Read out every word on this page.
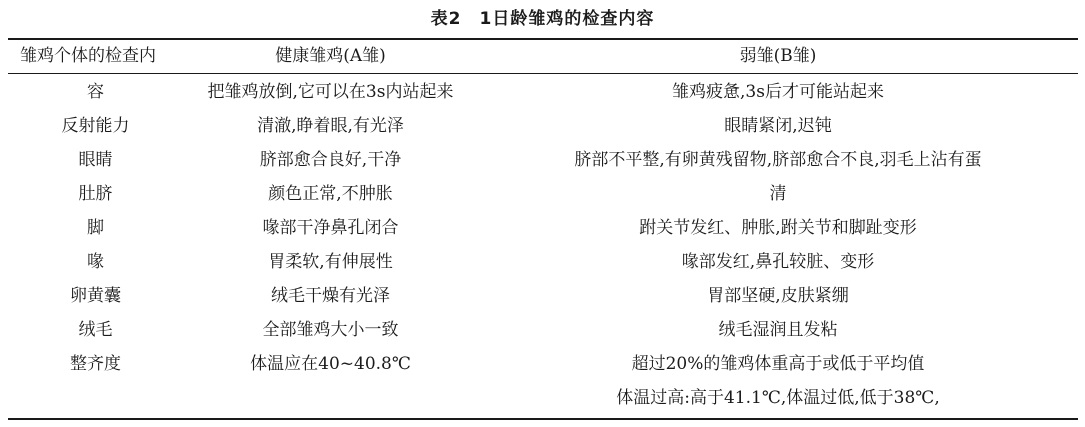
表2　1日龄雏鸡的检查内容
雏鸡个体的检查内	健康雏鸡(A雏)	弱雏(B雏)
容	把雏鸡放倒,它可以在3s内站起来	雏鸡疲惫,3s后才可能站起来
反射能力	清澈,睁着眼,有光泽	眼睛紧闭,迟钝
眼睛	脐部愈合良好,干净	脐部不平整,有卵黄残留物,脐部愈合不良,羽毛上沾有蛋
肚脐	颜色正常,不肿胀	清
脚	喙部干净鼻孔闭合	跗关节发红、肿胀,跗关节和脚趾变形
喙	胃柔软,有伸展性	喙部发红,鼻孔较脏、变形
卵黄囊	绒毛干燥有光泽	胃部坚硬,皮肤紧绷
绒毛	全部雏鸡大小一致	绒毛湿润且发粘
整齐度	体温应在40~40.8℃	超过20%的雏鸡体重高于或低于平均值
		体温过高:高于41.1℃,体温过低,低于38℃,
